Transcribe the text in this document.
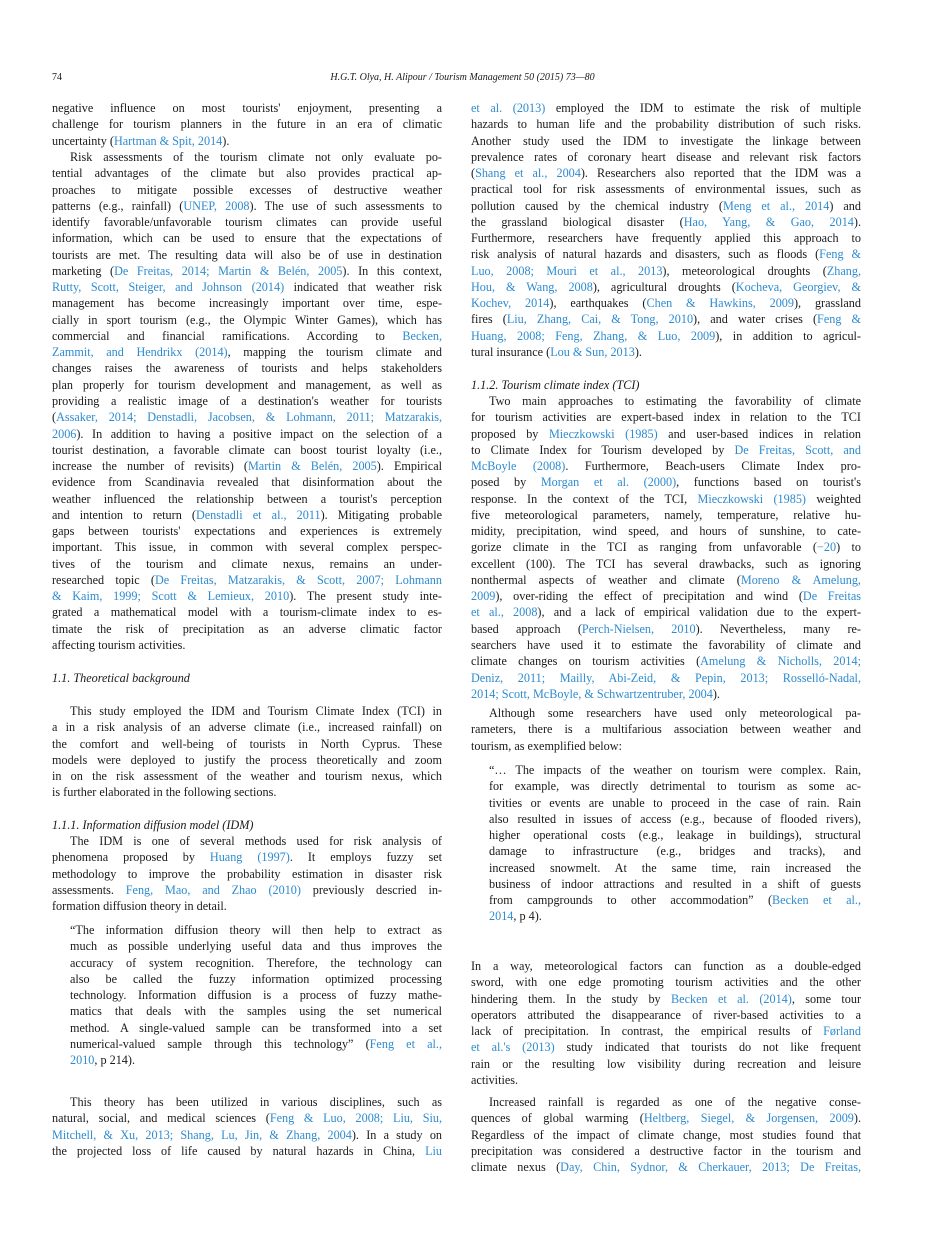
74	H.G.T. Olya, H. Alipour / Tourism Management 50 (2015) 73—80
negative influence on most tourists' enjoyment, presenting a
challenge for tourism planners in the future in an era of climatic
uncertainty (Hartman & Spit, 2014).
Risk assessments of the tourism climate not only evaluate po-
tential advantages of the climate but also provides practical ap-
proaches to mitigate possible excesses of destructive weather
patterns (e.g., rainfall) (UNEP, 2008). The use of such assessments to
identify favorable/unfavorable tourism climates can provide useful
information, which can be used to ensure that the expectations of
tourists are met. The resulting data will also be of use in destination
marketing (De Freitas, 2014; Martin & Belén, 2005). In this context,
Rutty, Scott, Steiger, and Johnson (2014) indicated that weather risk
management has become increasingly important over time, espe-
cially in sport tourism (e.g., the Olympic Winter Games), which has
commercial and financial ramifications. According to Becken,
Zammit, and Hendrikx (2014), mapping the tourism climate and
changes raises the awareness of tourists and helps stakeholders
plan properly for tourism development and management, as well as
providing a realistic image of a destination's weather for tourists
(Assaker, 2014; Denstadli, Jacobsen, & Lohmann, 2011; Matzarakis,
2006). In addition to having a positive impact on the selection of a
tourist destination, a favorable climate can boost tourist loyalty (i.e.,
increase the number of revisits) (Martin & Belén, 2005). Empirical
evidence from Scandinavia revealed that disinformation about the
weather influenced the relationship between a tourist's perception
and intention to return (Denstadli et al., 2011). Mitigating probable
gaps between tourists' expectations and experiences is extremely
important. This issue, in common with several complex perspec-
tives of the tourism and climate nexus, remains an under-
researched topic (De Freitas, Matzarakis, & Scott, 2007; Lohmann
& Kaim, 1999; Scott & Lemieux, 2010). The present study inte-
grated a mathematical model with a tourism-climate index to es-
timate the risk of precipitation as an adverse climatic factor
affecting tourism activities.
1.1. Theoretical background
This study employed the IDM and Tourism Climate Index (TCI) in
a in a risk analysis of an adverse climate (i.e., increased rainfall) on
the comfort and well-being of tourists in North Cyprus. These
models were deployed to justify the process theoretically and zoom
in on the risk assessment of the weather and tourism nexus, which
is further elaborated in the following sections.
1.1.1. Information diffusion model (IDM)
The IDM is one of several methods used for risk analysis of
phenomena proposed by Huang (1997). It employs fuzzy set
methodology to improve the probability estimation in disaster risk
assessments. Feng, Mao, and Zhao (2010) previously descried in-
formation diffusion theory in detail.
“The information diffusion theory will then help to extract as
much as possible underlying useful data and thus improves the
accuracy of system recognition. Therefore, the technology can
also be called the fuzzy information optimized processing
technology. Information diffusion is a process of fuzzy mathe-
matics that deals with the samples using the set numerical
method. A single-valued sample can be transformed into a set
numerical-valued sample through this technology” (Feng et al.,
2010, p 214).
This theory has been utilized in various disciplines, such as
natural, social, and medical sciences (Feng & Luo, 2008; Liu, Siu,
Mitchell, & Xu, 2013; Shang, Lu, Jin, & Zhang, 2004). In a study on
the projected loss of life caused by natural hazards in China, Liu
et al. (2013) employed the IDM to estimate the risk of multiple
hazards to human life and the probability distribution of such risks.
Another study used the IDM to investigate the linkage between
prevalence rates of coronary heart disease and relevant risk factors
(Shang et al., 2004). Researchers also reported that the IDM was a
practical tool for risk assessments of environmental issues, such as
pollution caused by the chemical industry (Meng et al., 2014) and
the grassland biological disaster (Hao, Yang, & Gao, 2014).
Furthermore, researchers have frequently applied this approach to
risk analysis of natural hazards and disasters, such as floods (Feng &
Luo, 2008; Mouri et al., 2013), meteorological droughts (Zhang,
Hou, & Wang, 2008), agricultural droughts (Kocheva, Georgiev, &
Kochev, 2014), earthquakes (Chen & Hawkins, 2009), grassland
fires (Liu, Zhang, Cai, & Tong, 2010), and water crises (Feng &
Huang, 2008; Feng, Zhang, & Luo, 2009), in addition to agricul-
tural insurance (Lou & Sun, 2013).
1.1.2. Tourism climate index (TCI)
Two main approaches to estimating the favorability of climate
for tourism activities are expert-based index in relation to the TCI
proposed by Mieczkowski (1985) and user-based indices in relation
to Climate Index for Tourism developed by De Freitas, Scott, and
McBoyle (2008). Furthermore, Beach-users Climate Index pro-
posed by Morgan et al. (2000), functions based on tourist's
response. In the context of the TCI, Mieczkowski (1985) weighted
five meteorological parameters, namely, temperature, relative hu-
midity, precipitation, wind speed, and hours of sunshine, to cate-
gorize climate in the TCI as ranging from unfavorable (−20) to
excellent (100). The TCI has several drawbacks, such as ignoring
nonthermal aspects of weather and climate (Moreno & Amelung,
2009), over-riding the effect of precipitation and wind (De Freitas
et al., 2008), and a lack of empirical validation due to the expert-
based approach (Perch-Nielsen, 2010). Nevertheless, many re-
searchers have used it to estimate the favorability of climate and
climate changes on tourism activities (Amelung & Nicholls, 2014;
Deniz, 2011; Mailly, Abi-Zeid, & Pepin, 2013; Rosselló-Nadal,
2014; Scott, McBoyle, & Schwartzentruber, 2004).
Although some researchers have used only meteorological pa-
rameters, there is a multifarious association between weather and
tourism, as exemplified below:
“… The impacts of the weather on tourism were complex. Rain,
for example, was directly detrimental to tourism as some ac-
tivities or events are unable to proceed in the case of rain. Rain
also resulted in issues of access (e.g., because of flooded rivers),
higher operational costs (e.g., leakage in buildings), structural
damage to infrastructure (e.g., bridges and tracks), and
increased snowmelt. At the same time, rain increased the
business of indoor attractions and resulted in a shift of guests
from campgrounds to other accommodation” (Becken et al.,
2014, p 4).
In a way, meteorological factors can function as a double-edged
sword, with one edge promoting tourism activities and the other
hindering them. In the study by Becken et al. (2014), some tour
operators attributed the disappearance of river-based activities to a
lack of precipitation. In contrast, the empirical results of Førland
et al.'s (2013) study indicated that tourists do not like frequent
rain or the resulting low visibility during recreation and leisure
activities.
Increased rainfall is regarded as one of the negative conse-
quences of global warming (Heltberg, Siegel, & Jorgensen, 2009).
Regardless of the impact of climate change, most studies found that
precipitation was considered a destructive factor in the tourism and
climate nexus (Day, Chin, Sydnor, & Cherkauer, 2013; De Freitas,
